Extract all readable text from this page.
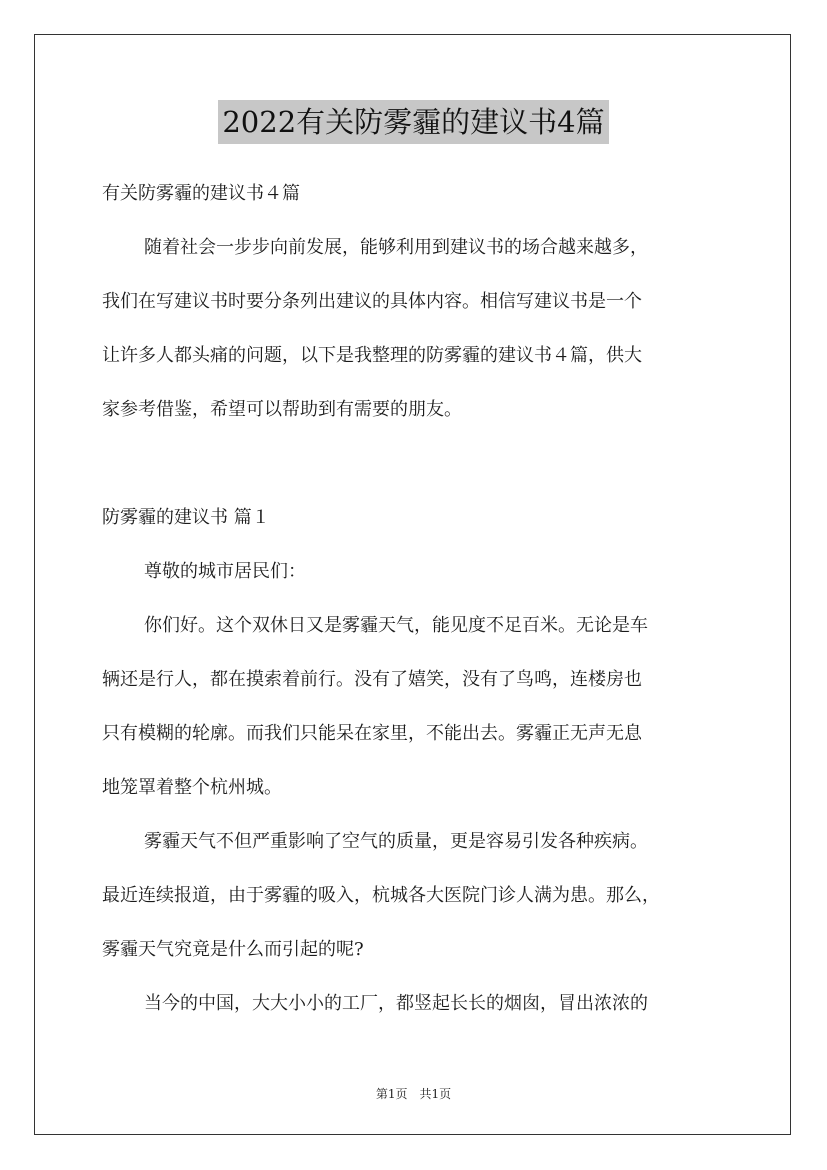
2022有关防雾霾的建议书4篇
有关防雾霾的建议书４篇
随着社会一步步向前发展，能够利用到建议书的场合越来越多，
我们在写建议书时要分条列出建议的具体内容。相信写建议书是一个
让许多人都头痛的问题，以下是我整理的防雾霾的建议书４篇，供大
家参考借鉴，希望可以帮助到有需要的朋友。
防雾霾的建议书 篇１
尊敬的城市居民们：
你们好。这个双休日又是雾霾天气，能见度不足百米。无论是车
辆还是行人，都在摸索着前行。没有了嬉笑，没有了鸟鸣，连楼房也
只有模糊的轮廓。而我们只能呆在家里，不能出去。雾霾正无声无息
地笼罩着整个杭州城。
雾霾天气不但严重影响了空气的质量，更是容易引发各种疾病。
最近连续报道，由于雾霾的吸入，杭城各大医院门诊人满为患。那么，
雾霾天气究竟是什么而引起的呢?
当今的中国，大大小小的工厂，都竖起长长的烟囱，冒出浓浓的
第1页　共1页
